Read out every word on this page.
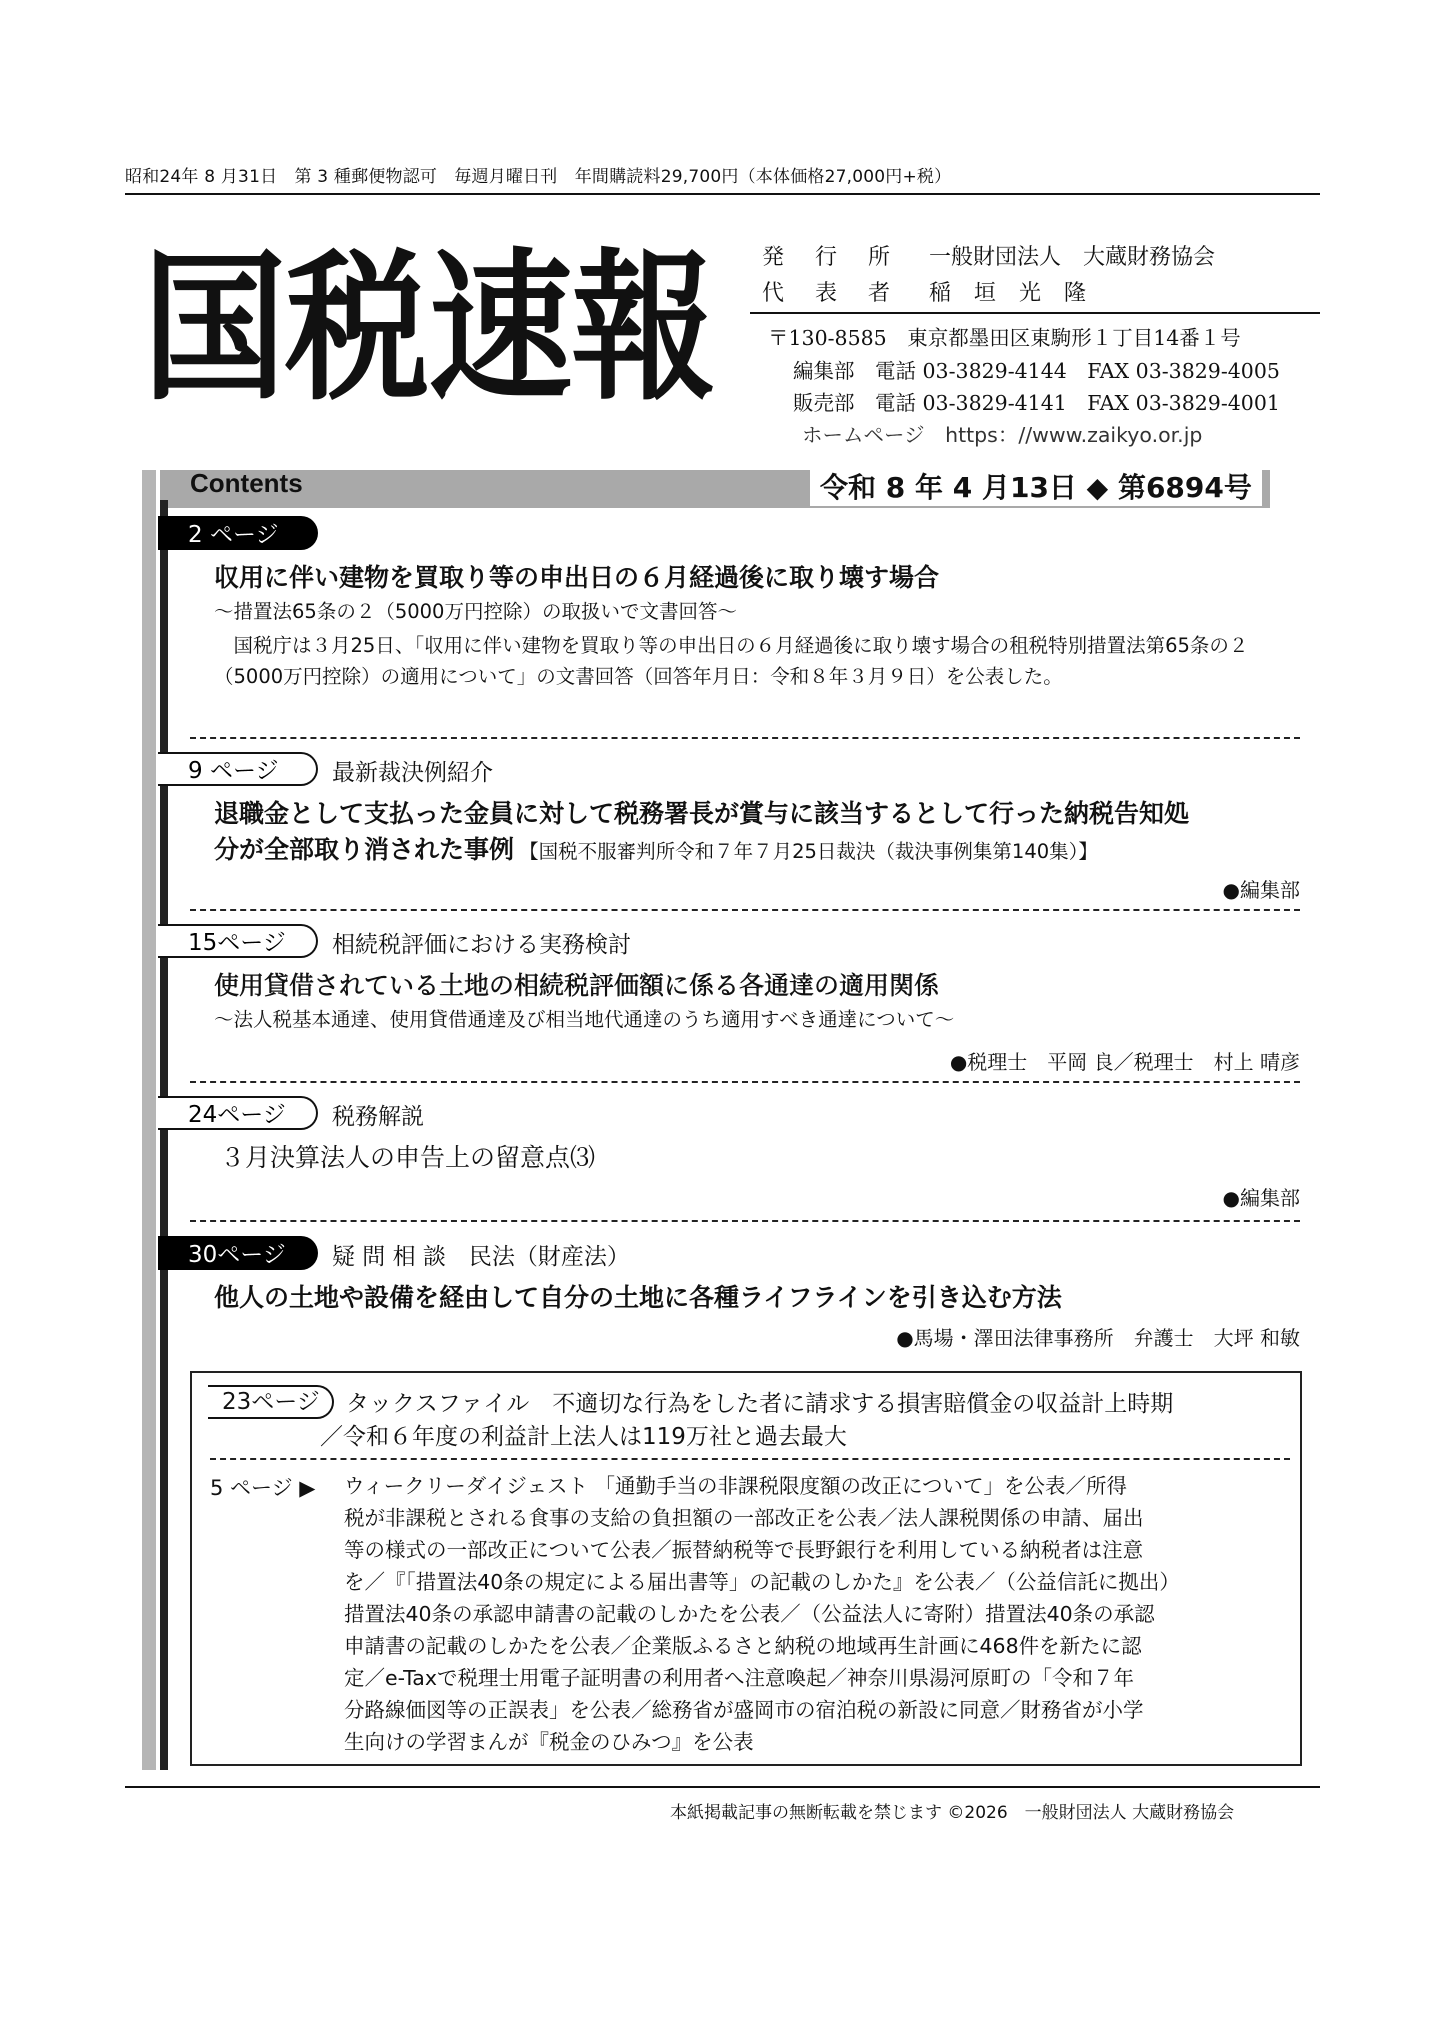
昭和24年 8 月31日　第 3 種郵便物認可　毎週月曜日刊　年間購読料29,700円（本体価格27,000円+税）
国 税 速 報 発 行 所 一般財団法人　大蔵財務協会
代 表 者 稲 垣 光 隆
〒130-8585　東京都墨田区東駒形１丁目14番１号
編集部　電話 03-3829-4144　FAX 03-3829-4005
販売部　電話 03-3829-4141　FAX 03-3829-4001
ホームページ　https：//www.zaikyo.or.jp
Contents	令和 8 年 4 月13日 ◆ 第6894号
2 ページ
収用に伴い建物を買取り等の申出日の６月経過後に取り壊す場合
～措置法65条の２（5000万円控除）の取扱いで文書回答～
　国税庁は３月25日、「収用に伴い建物を買取り等の申出日の６月経過後に取り壊す場合の租税特別措置法第65条の２（5000万円控除）の適用について」の文書回答（回答年月日：令和８年３月９日）を公表した。
9 ページ	最新裁決例紹介
退職金として支払った金員に対して税務署長が賞与に該当するとして行った納税告知処
分が全部取り消された事例 【国税不服審判所令和７年７月25日裁決（裁決事例集第140集）】
●編集部
15ページ	相続税評価における実務検討
使用貸借されている土地の相続税評価額に係る各通達の適用関係
～法人税基本通達、使用貸借通達及び相当地代通達のうち適用すべき通達について～
●税理士　平岡 良／税理士　村上 晴彦
24ページ	税務解説
３月決算法人の申告上の留意点⑶
●編集部
30ページ	疑 問 相 談　民法（財産法）
他人の土地や設備を経由して自分の土地に各種ライフラインを引き込む方法
●馬場・澤田法律事務所　弁護士　大坪 和敏
23ページ	タックスファイル　不適切な行為をした者に請求する損害賠償金の収益計上時期
／令和６年度の利益計上法人は119万社と過去最大
5 ページ ▶ ウィークリーダイジェスト 「通勤手当の非課税限度額の改正について」を公表／所得
税が非課税とされる食事の支給の負担額の一部改正を公表／法人課税関係の申請、届出
等の様式の一部改正について公表／振替納税等で長野銀行を利用している納税者は注意
を／『「措置法40条の規定による届出書等」の記載のしかた』を公表／（公益信託に拠出）
措置法40条の承認申請書の記載のしかたを公表／（公益法人に寄附）措置法40条の承認
申請書の記載のしかたを公表／企業版ふるさと納税の地域再生計画に468件を新たに認
定／e-Taxで税理士用電子証明書の利用者へ注意喚起／神奈川県湯河原町の「令和７年
分路線価図等の正誤表」を公表／総務省が盛岡市の宿泊税の新設に同意／財務省が小学
生向けの学習まんが『税金のひみつ』を公表
本紙掲載記事の無断転載を禁じます ©2026　一般財団法人 大蔵財務協会
